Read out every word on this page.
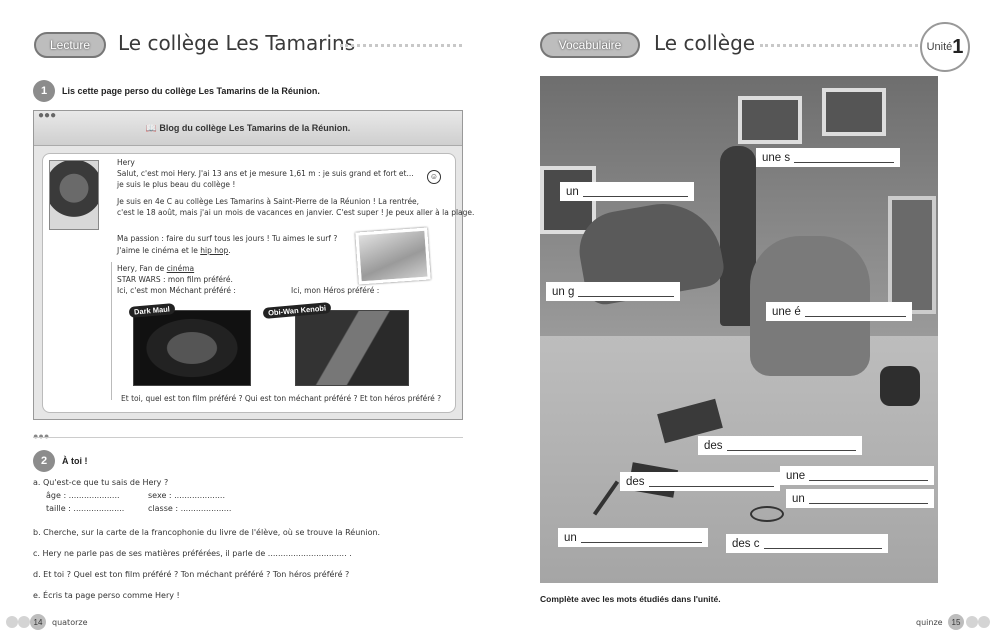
Lecture Le collège Les Tamarins
1	Lis cette page perso du collège Les Tamarins de la Réunion.
●●●
📖 Blog du collège Les Tamarins de la Réunion.
Hery
Salut, c'est moi Hery. J'ai 13 ans et je mesure 1,61 m : je suis grand et fort et...
je suis le plus beau du collège !
☺
Je suis en 4e C au collège Les Tamarins à Saint-Pierre de la Réunion ! La rentrée,
c'est le 18 août, mais j'ai un mois de vacances en janvier. C'est super ! Je peux aller à la plage.
Ma passion : faire du surf tous les jours ! Tu aimes le surf ?
J'aime le cinéma et le hip hop.
Hery, Fan de cinéma
STAR WARS : mon film préféré.
Ici, c'est mon Méchant préféré :	Ici, mon Héros préféré :
Dark Maul	Obi-Wan Kenobi
Et toi, quel est ton film préféré ? Qui est ton méchant préféré ? Et ton héros préféré ?
●●●
2	À toi !
a. Qu'est-ce que tu sais de Hery ?
âge : ....................	sexe : ....................
taille : ....................	classe : ....................
b. Cherche, sur la carte de la francophonie du livre de l'élève, où se trouve la Réunion.
c. Hery ne parle pas de ses matières préférées, il parle de ............................... .
d. Et toi ? Quel est ton film préféré ? Ton méchant préféré ? Ton héros préféré ?
e. Écris ta page perso comme Hery !
14	quatorze
Vocabulaire Le collège	Unité 1
une s
un
un g
une é
des
une
un
des
un	des c
Complète avec les mots étudiés dans l'unité.
quinze	15
